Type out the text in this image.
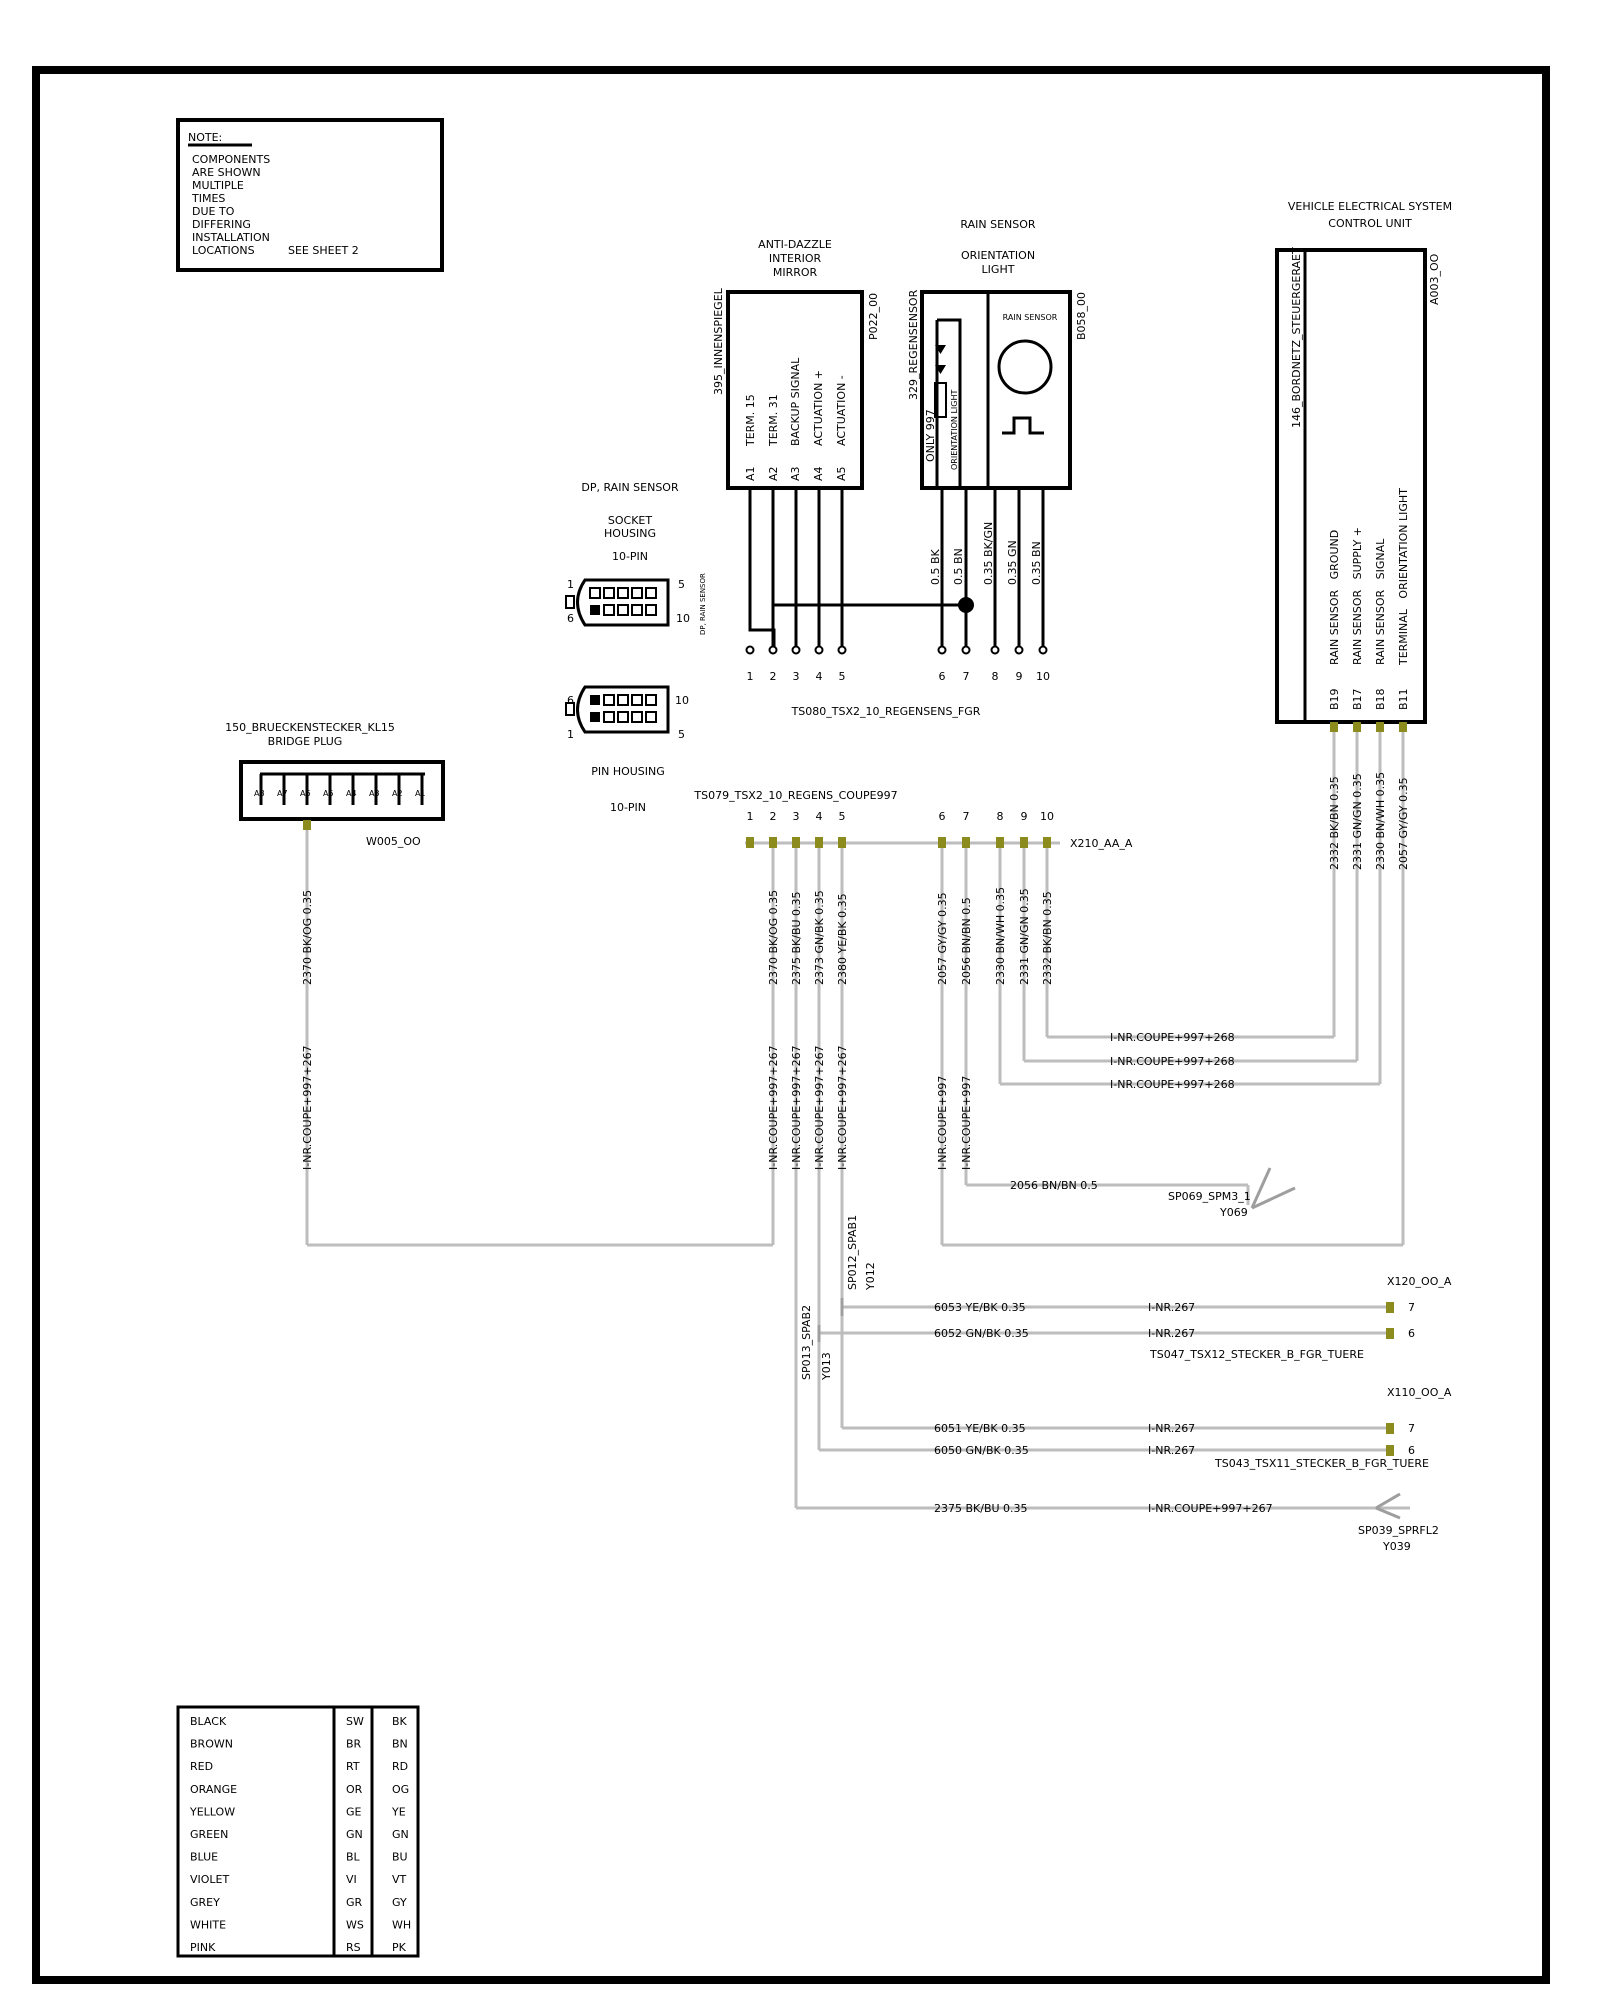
NOTE:
COMPONENTS
ARE SHOWN
MULTIPLE
TIMES
DUE TO
DIFFERING
INSTALLATION
LOCATIONS	SEE SHEET 2	ANTI-DAZZLE
INTERIOR
MIRROR
395_INNENSPIEGEL	P022_00
TERM. 15 TERM. 31 BACKUP SIGNAL ACTUATION + ACTUATION -
A1 A2 A3 A4 A5
RAIN SENSOR
ORIENTATION
LIGHT
329_REGENSENSOR	B058_00
RAIN SENSOR
ONLY 997 ORIENTATION LIGHT
0.5 BK 0.5 BN 0.35 BK/GN 0.35 GN 0.35 BN
1 2 3 4 5	6 7 8 9 10
TS080_TSX2_10_REGENSENS_FGR
DP, RAIN SENSOR
SOCKET
HOUSING
10-PIN
1	5
6	10 DP, RAIN SENSOR
6	10
1	5
PIN HOUSING
10-PIN
150_BRUECKENSTECKER_KL15
BRIDGE PLUG
A8 A7 A6 A5 A4 A3 A2 A1
W005_OO
VEHICLE ELECTRICAL SYSTEM
CONTROL UNIT
146_BORDNETZ_STEUERGERAET	A003_OO
RAIN SENSOR   GROUND RAIN SENSOR   SUPPLY + RAIN SENSOR   SIGNAL TERMINAL   ORIENTATION LIGHT
B19 B17 B18 B11
TS079_TSX2_10_REGENS_COUPE997
1 2 3 4 5	6 7 8 9 10
X210_AA_A
2370 BK/OG 0.35 2375 BK/BU 0.35 2373 GN/BK 0.35 2380 YE/BK 0.35	2057 GY/GY 0.35 2056 BN/BN 0.5 2330 BN/WH 0.35 2331 GN/GN 0.35 2332 BK/BN 0.35
2332 BK/BN 0.35 2331 GN/GN 0.35 2330 BN/WH 0.35 2057 GY/GY 0.35
2370 BK/OG 0.35
I-NR.COUPE+997+267	I-NR.COUPE+997+267 I-NR.COUPE+997+267 I-NR.COUPE+997+267 I-NR.COUPE+997+267	I-NR.COUPE+997 I-NR.COUPE+997
I-NR.COUPE+997+268
I-NR.COUPE+997+268
I-NR.COUPE+997+268
2056 BN/BN 0.5
SP069_SPM3_1
Y069
SP012_SPAB1 Y012
SP013_SPAB2 Y013
6053 YE/BK 0.35
6052 GN/BK 0.35
I-NR.267
I-NR.267
X120_OO_A
7
6
TS047_TSX12_STECKER_B_FGR_TUERE
6051 YE/BK 0.35
6050 GN/BK 0.35
I-NR.267
I-NR.267
X110_OO_A
7
6
TS043_TSX11_STECKER_B_FGR_TUERE
2375 BK/BU 0.35	I-NR.COUPE+997+267
SP039_SPRFL2
Y039
BLACK	SW	BK
BROWN	BR	BN
RED	RT	RD
ORANGE	OR	OG
YELLOW	GE	YE
GREEN	GN	GN
BLUE	BL	BU
VIOLET	VI	VT
GREY	GR	GY
WHITE	WS	WH
PINK	RS	PK
